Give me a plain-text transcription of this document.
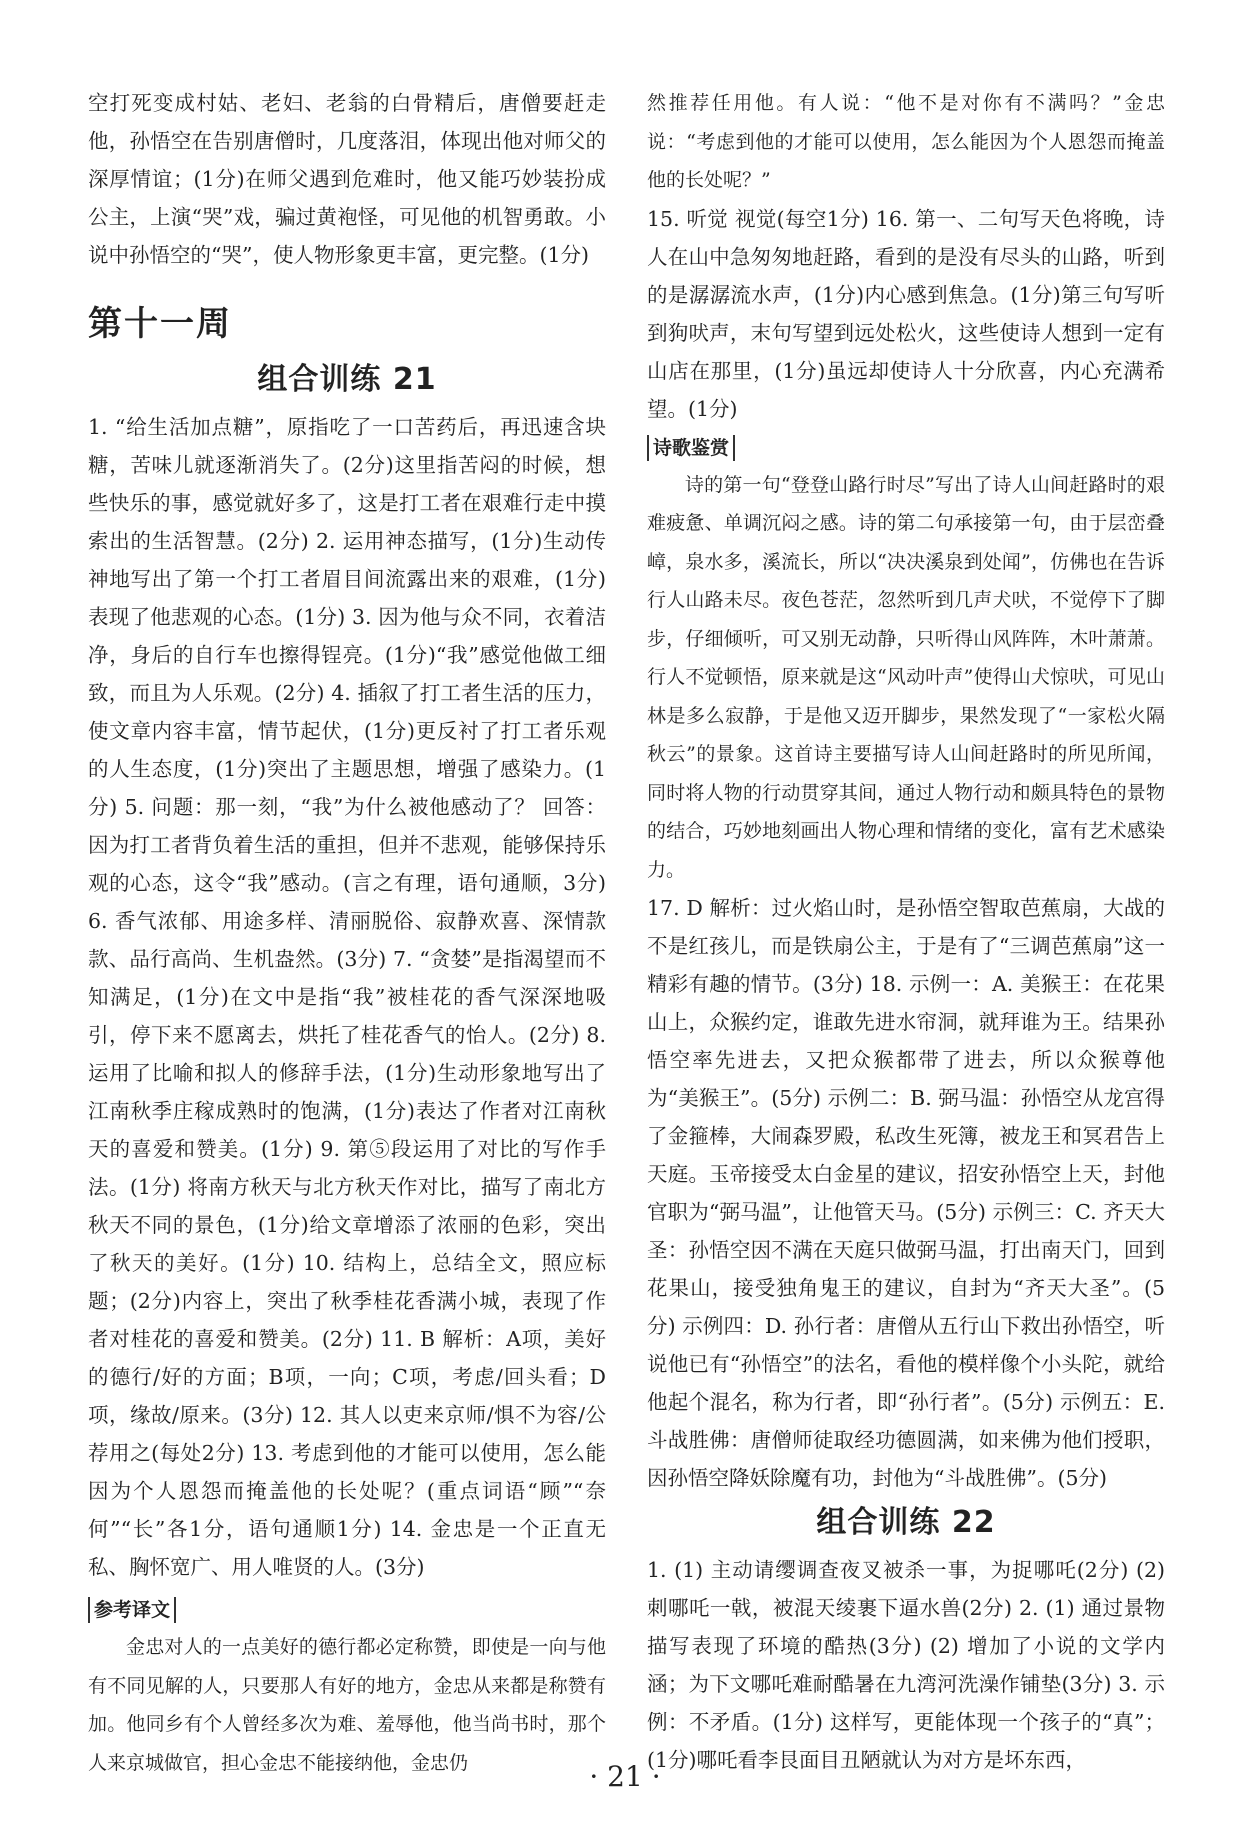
空打死变成村姑、老妇、老翁的白骨精后，唐僧要赶走他，孙悟空在告别唐僧时，几度落泪，体现出他对师父的深厚情谊；(1分)在师父遇到危难时，他又能巧妙装扮成公主，上演“哭”戏，骗过黄袍怪，可见他的机智勇敢。小说中孙悟空的“哭”，使人物形象更丰富，更完整。(1分)

第十一周
组合训练 21

1. “给生活加点糖”，原指吃了一口苦药后，再迅速含块糖，苦味儿就逐渐消失了。(2分)这里指苦闷的时候，想些快乐的事，感觉就好多了，这是打工者在艰难行走中摸索出的生活智慧。(2分) 2. 运用神态描写，(1分)生动传神地写出了第一个打工者眉目间流露出来的艰难，(1分)表现了他悲观的心态。(1分) 3. 因为他与众不同，衣着洁净，身后的自行车也擦得锃亮。(1分)“我”感觉他做工细致，而且为人乐观。(2分) 4. 插叙了打工者生活的压力，使文章内容丰富，情节起伏，(1分)更反衬了打工者乐观的人生态度，(1分)突出了主题思想，增强了感染力。(1分) 5. 问题：那一刻，“我”为什么被他感动了？ 回答：因为打工者背负着生活的重担，但并不悲观，能够保持乐观的心态，这令“我”感动。(言之有理，语句通顺，3分) 6. 香气浓郁、用途多样、清丽脱俗、寂静欢喜、深情款款、品行高尚、生机盎然。(3分) 7. “贪婪”是指渴望而不知满足，(1分)在文中是指“我”被桂花的香气深深地吸引，停下来不愿离去，烘托了桂花香气的怡人。(2分) 8. 运用了比喻和拟人的修辞手法，(1分)生动形象地写出了江南秋季庄稼成熟时的饱满，(1分)表达了作者对江南秋天的喜爱和赞美。(1分) 9. 第⑤段运用了对比的写作手法。(1分) 将南方秋天与北方秋天作对比，描写了南北方秋天不同的景色，(1分)给文章增添了浓丽的色彩，突出了秋天的美好。(1分) 10. 结构上，总结全文，照应标题；(2分)内容上，突出了秋季桂花香满小城，表现了作者对桂花的喜爱和赞美。(2分) 11. B 解析：A项，美好的德行/好的方面；B项，一向；C项，考虑/回头看；D项，缘故/原来。(3分) 12. 其人以吏来京师/惧不为容/公荐用之(每处2分) 13. 考虑到他的才能可以使用，怎么能因为个人恩怨而掩盖他的长处呢？(重点词语“顾”“奈何”“长”各1分，语句通顺1分) 14. 金忠是一个正直无私、胸怀宽广、用人唯贤的人。(3分)

参考译文

金忠对人的一点美好的德行都必定称赞，即使是一向与他有不同见解的人，只要那人有好的地方，金忠从来都是称赞有加。他同乡有个人曾经多次为难、羞辱他，他当尚书时，那个人来京城做官，担心金忠不能接纳他，金忠仍

然推荐任用他。有人说：“他不是对你有不满吗？”金忠说：“考虑到他的才能可以使用，怎么能因为个人恩怨而掩盖他的长处呢？”

15. 听觉 视觉(每空1分) 16. 第一、二句写天色将晚，诗人在山中急匆匆地赶路，看到的是没有尽头的山路，听到的是潺潺流水声，(1分)内心感到焦急。(1分)第三句写听到狗吠声，末句写望到远处松火，这些使诗人想到一定有山店在那里，(1分)虽远却使诗人十分欣喜，内心充满希望。(1分)

诗歌鉴赏

诗的第一句“登登山路行时尽”写出了诗人山间赶路时的艰难疲惫、单调沉闷之感。诗的第二句承接第一句，由于层峦叠嶂，泉水多，溪流长，所以“决决溪泉到处闻”，仿佛也在告诉行人山路未尽。夜色苍茫，忽然听到几声犬吠，不觉停下了脚步，仔细倾听，可又别无动静，只听得山风阵阵，木叶萧萧。行人不觉顿悟，原来就是这“风动叶声”使得山犬惊吠，可见山林是多么寂静，于是他又迈开脚步，果然发现了“一家松火隔秋云”的景象。这首诗主要描写诗人山间赶路时的所见所闻，同时将人物的行动贯穿其间，通过人物行动和颇具特色的景物的结合，巧妙地刻画出人物心理和情绪的变化，富有艺术感染力。

17. D 解析：过火焰山时，是孙悟空智取芭蕉扇，大战的不是红孩儿，而是铁扇公主，于是有了“三调芭蕉扇”这一精彩有趣的情节。(3分) 18. 示例一：A. 美猴王：在花果山上，众猴约定，谁敢先进水帘洞，就拜谁为王。结果孙悟空率先进去，又把众猴都带了进去，所以众猴尊他为“美猴王”。(5分) 示例二：B. 弼马温：孙悟空从龙宫得了金箍棒，大闹森罗殿，私改生死簿，被龙王和冥君告上天庭。玉帝接受太白金星的建议，招安孙悟空上天，封他官职为“弼马温”，让他管天马。(5分) 示例三：C. 齐天大圣：孙悟空因不满在天庭只做弼马温，打出南天门，回到花果山，接受独角鬼王的建议，自封为“齐天大圣”。(5分) 示例四：D. 孙行者：唐僧从五行山下救出孙悟空，听说他已有“孙悟空”的法名，看他的模样像个小头陀，就给他起个混名，称为行者，即“孙行者”。(5分) 示例五：E. 斗战胜佛：唐僧师徒取经功德圆满，如来佛为他们授职，因孙悟空降妖除魔有功，封他为“斗战胜佛”。(5分)

组合训练 22

1. (1) 主动请缨调查夜叉被杀一事，为捉哪吒(2分) (2) 刺哪吒一戟，被混天绫裹下逼水兽(2分) 2. (1) 通过景物描写表现了环境的酷热(3分) (2) 增加了小说的文学内涵；为下文哪吒难耐酷暑在九湾河洗澡作铺垫(3分) 3. 示例：不矛盾。(1分) 这样写，更能体现一个孩子的“真”；(1分)哪吒看李艮面目丑陋就认为对方是坏东西，

· 21 ·
